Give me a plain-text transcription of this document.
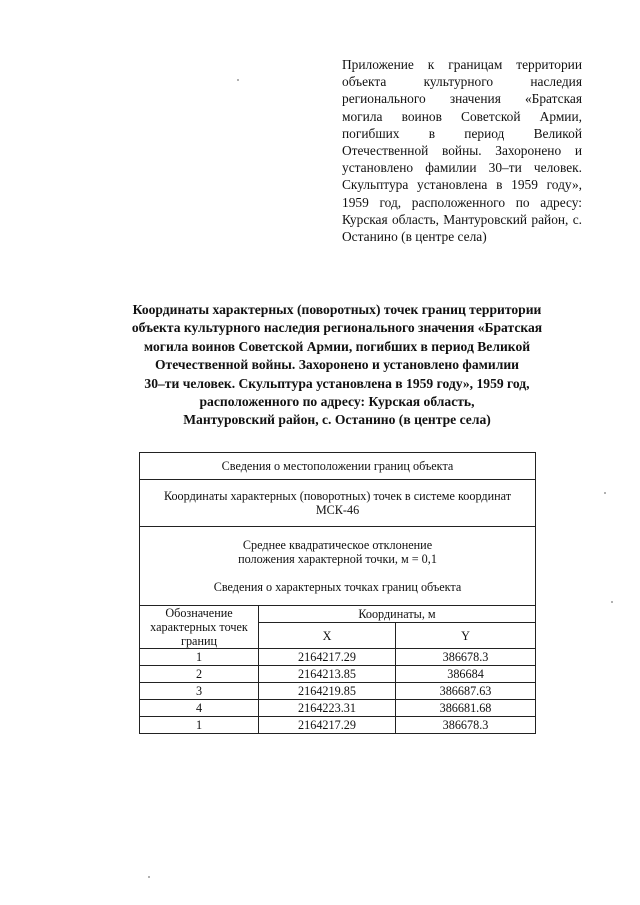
Приложение к границам территории объекта культурного наследия регионального значения «Братская могила воинов Советской Армии, погибших в период Великой Отечественной войны. Захоронено и установлено фамилии 30–ти человек. Скульптура установлена в 1959 году», 1959 год, расположенного по адресу: Курская область, Мантуровский район, с. Останино (в центре села)
Координаты характерных (поворотных) точек границ территории
объекта культурного наследия регионального значения «Братская
могила воинов Советской Армии, погибших в период Великой
Отечественной войны. Захоронено и установлено фамилии
30–ти человек. Скульптура установлена в 1959 году», 1959 год,
расположенного по адресу: Курская область,
Мантуровский район, с. Останино (в центре села)
Сведения о местоположении границ объекта		

Координаты характерных (поворотных) точек в системе координат
МСК-46		

Среднее квадратическое отклонение
положения характерной точки, м = 0,1
Сведения о характерных точках границ объекта		

Обозначение характерных точек границ	Координаты, м	
	X	Y
1	2164217.29	386678.3
2	2164213.85	386684
3	2164219.85	386687.63
4	2164223.31	386681.68
1	2164217.29	386678.3
